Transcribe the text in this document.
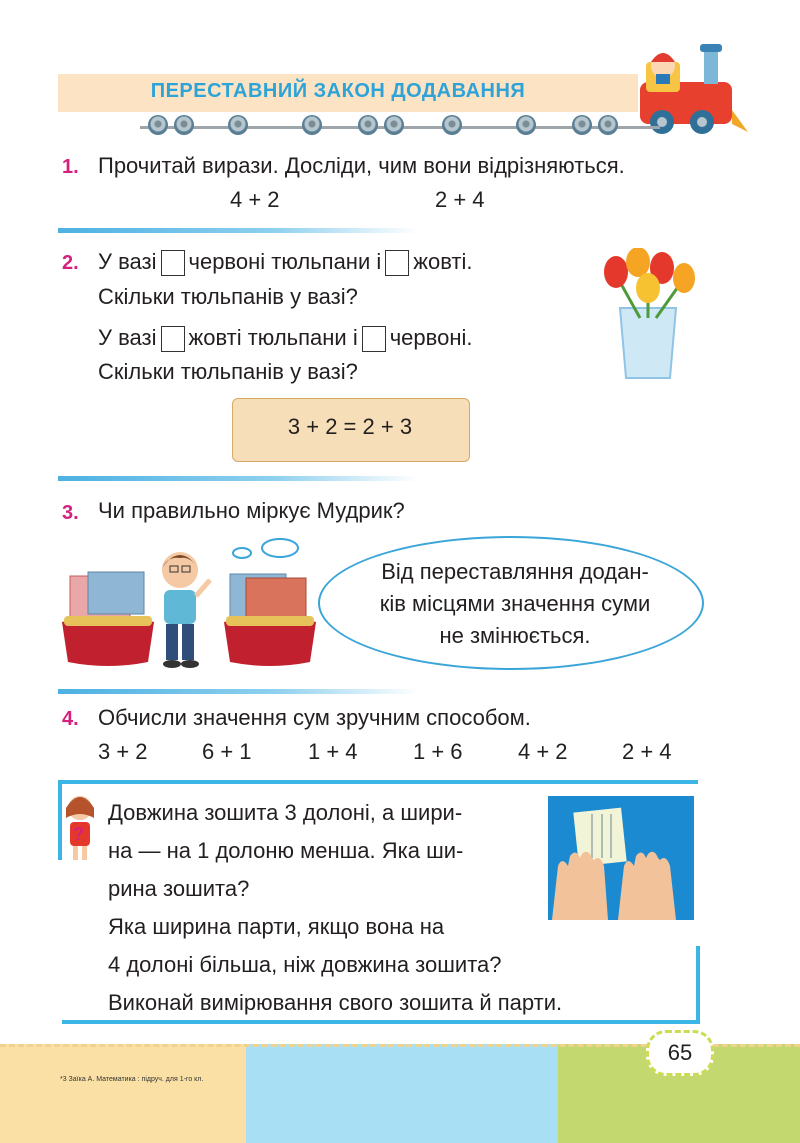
ПЕРЕСТАВНИЙ ЗАКОН ДОДАВАННЯ
1. Прочитай вирази. Досліди, чим вони відрізняються.
4 + 2	2 + 4
2. У вазі червоні тюльпани і жовті.
Скільки тюльпанів у вазі?
У вазі жовті тюльпани і червоні.
Скільки тюльпанів у вазі?
3 + 2 = 2 + 3
3. Чи правильно міркує Мудрик?
Від переставляння додан-
ків місцями значення суми
не змінюється.
4. Обчисли значення сум зручним способом.
3 + 2 6 + 1	1 + 4	1 + 6	4 + 2 2 + 4
?
Довжина зошита 3 долоні, а шири-
на — на 1 долоню менша. Яка ши-
рина зошита?
Яка ширина парти, якщо вона на
4 долоні більша, ніж довжина зошита?
Виконай вимірювання свого зошита й парти.
65
*3 Заїка А. Математика : підруч. для 1-го кл.
